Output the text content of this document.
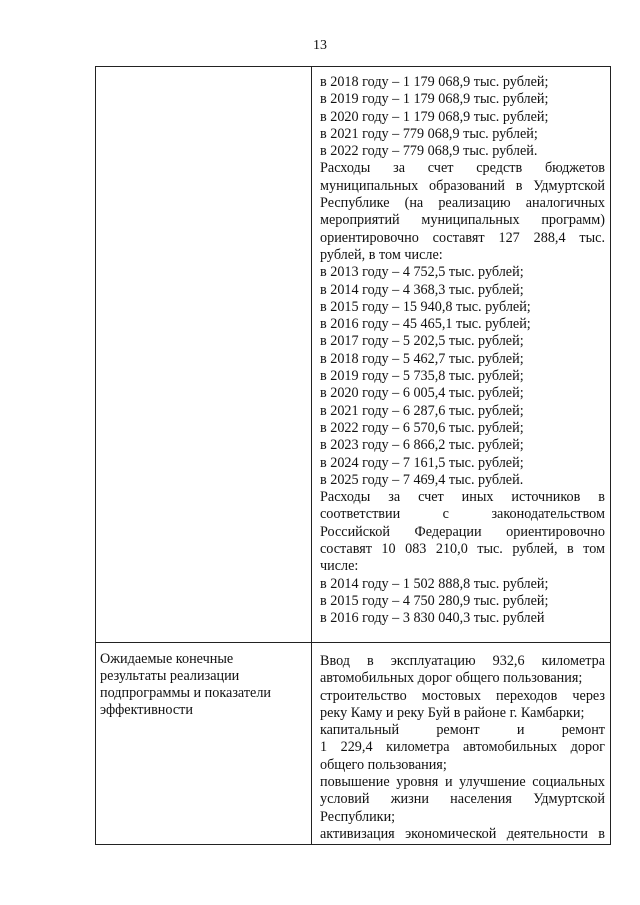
13
в 2018 году – 1 179 068,9 тыс. рублей;
в 2019 году – 1 179 068,9 тыс. рублей;
в 2020 году – 1 179 068,9 тыс. рублей;
в 2021 году – 779 068,9 тыс. рублей;
в 2022 году – 779 068,9 тыс. рублей.
Расходы за счет средств бюджетов
муниципальных образований в Удмуртской
Республике (на реализацию аналогичных
мероприятий муниципальных программ)
ориентировочно составят 127 288,4 тыс.
рублей, в том числе:
в 2013 году – 4 752,5 тыс. рублей;
в 2014 году – 4 368,3 тыс. рублей;
в 2015 году – 15 940,8 тыс. рублей;
в 2016 году – 45 465,1 тыс. рублей;
в 2017 году – 5 202,5 тыс. рублей;
в 2018 году – 5 462,7 тыс. рублей;
в 2019 году – 5 735,8 тыс. рублей;
в 2020 году – 6 005,4 тыс. рублей;
в 2021 году – 6 287,6 тыс. рублей;
в 2022 году – 6 570,6 тыс. рублей;
в 2023 году – 6 866,2 тыс. рублей;
в 2024 году – 7 161,5 тыс. рублей;
в 2025 году – 7 469,4 тыс. рублей.
Расходы за счет иных источников в
соответствии с законодательством
Российской Федерации ориентировочно
составят 10 083 210,0 тыс. рублей, в том
числе:
в 2014 году – 1 502 888,8 тыс. рублей;
в 2015 году – 4 750 280,9 тыс. рублей;
в 2016 году – 3 830 040,3 тыс. рублей
Ожидаемые конечные
результаты реализации
подпрограммы и показатели
эффективности
Ввод в эксплуатацию 932,6 километра
автомобильных дорог общего пользования;
строительство мостовых переходов через
реку Каму и реку Буй в районе г. Камбарки;
капитальный ремонт и ремонт
1 229,4 километра автомобильных дорог
общего пользования;
повышение уровня и улучшение социальных
условий жизни населения Удмуртской
Республики;
активизация экономической деятельности в
